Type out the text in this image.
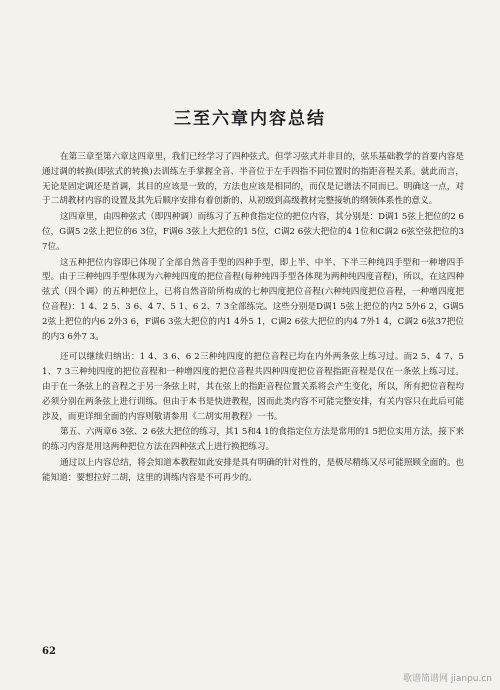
三至六章内容总结

在第三章至第六章这四章里，我们已经学习了四种弦式。但学习弦式并非目的，弦乐基础教学的首要内容是通过调的转换(即弦式的转换)去训练左手掌握全音、半音位于左手四指不同位置时的指距音程关系。就此而言，无论是固定调还是首调，其目的应该是一致的，方法也应该是相同的，而仅是记谱法不同而已。明确这一点，对于二胡教材内容的设置及其先后顺序安排有着创新的、从初级到高级教材完整接轨的纲领体系性的意义。

这四章里，由四种弦式（即四种调）而练习了五种食指定位的把位内容，其分别是：D调1 5弦上把位的2 6位，G调5 2弦上把位的6 3位，F调6 3弦上大把位的1 5位，C调2 6弦大把位的4 1位和C调2 6弦空弦把位的3 7位。

这五种把位内容即已体现了全部自然音手型的四种手型，即上半、中半、下半三种纯四手型和一种增四手型。由于三种纯四手型体现为六种纯四度的把位音程(每种纯四手型各体现为两种纯四度音程)，所以，在这四种弦式（四个调）的五种把位上，已将自然音阶所构成的七种四度把位音程(六种纯四度把位音程，一种增四度把位音程)：1 4、2 5、3 6、4 7、5 1、6 2、7 3全部练完。这些分别是D调1 5弦上把位的内2 5外6 2，G调5 2弦上把位的内6 2外3 6，F调6 3弦大把位的内1 4外5 1，C调2 6弦大把位的内4 7外1 4，C调2 6弦37把位的内3 6外7 3。

还可以继续归纳出：1 4、3 6、6 2三种纯四度的把位音程已均在内外两条弦上练习过。而2 5、4 7、5 1、7 3三种纯四度的把位音程和一种增四度的把位音程共四种四度把位音程指距音程是仅在一条弦上练习过。由于在一条弦上的音程之于另一条弦上时，其在弦上的指距音程位置关系将会产生变化，所以，所有把位音程均必须分别在两条弦上进行训练。但由于本书是快进教程，因而此类内容不可能完整安排，有关内容只在此后可能涉及，而更详细全面的内容则敬请参用《二胡实用教程》一书。

第五、六两章6 3弦、2 6弦大把位的练习，其1 5和4 1的食指定位方法是常用的1 5把位实用方法，接下来的练习内容是用这两种把位方法在四种弦式上进行换把练习。

通过以上内容总结，将会知道本教程如此安排是具有明确的针对性的，是极尽精练又尽可能照顾全面的。也能知道：要想拉好二胡，这里的训练内容是不可再少的。

62
歌谱简谱网 jianpu.cn
